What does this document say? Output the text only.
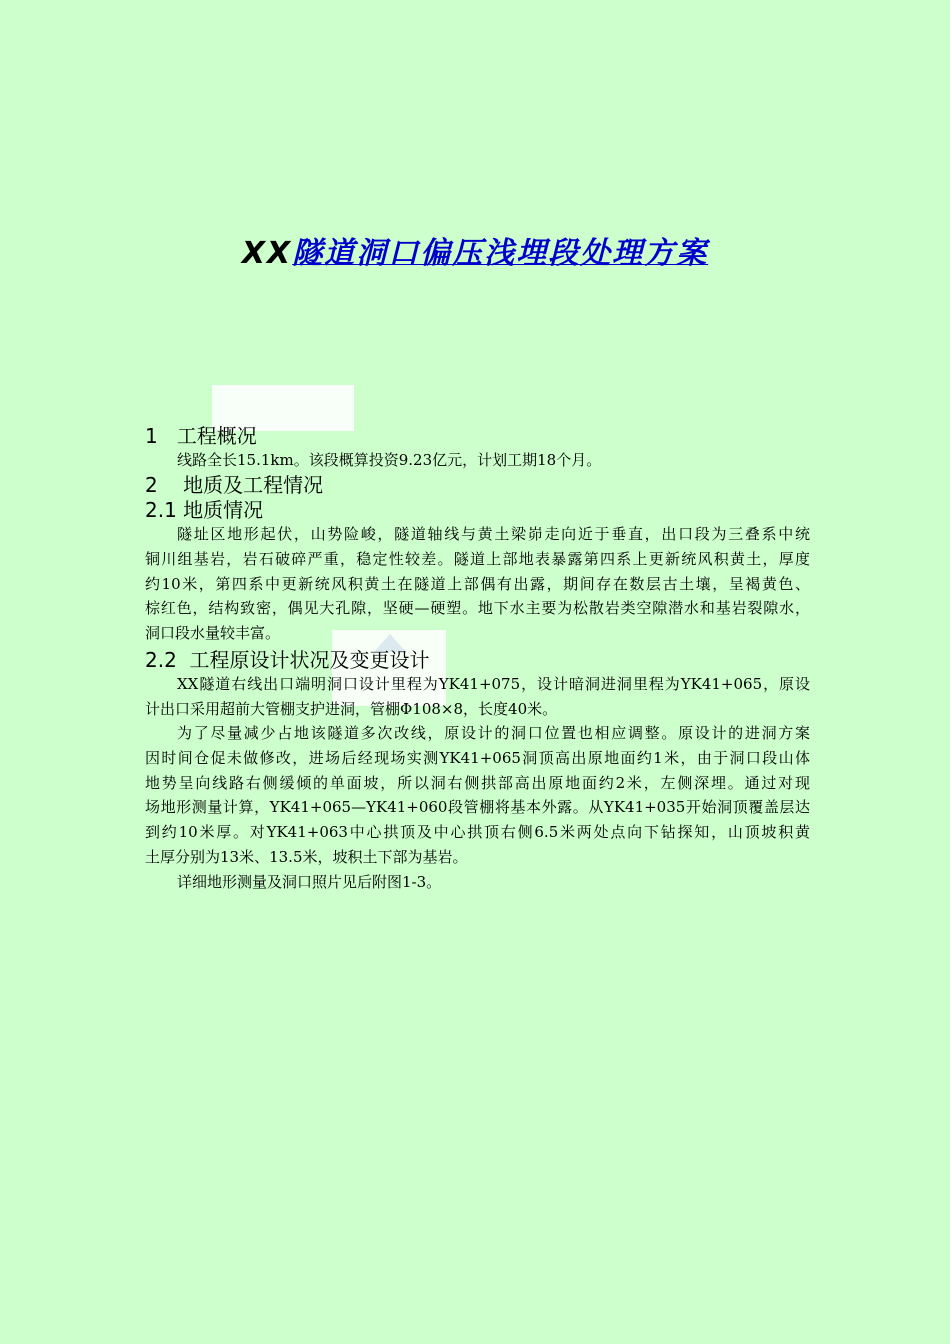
XX隧道洞口偏压浅埋段处理方案
1 工程概况
线路全长15.1km。该段概算投资9.23亿元，计划工期18个月。
2 地质及工程情况
2.1 地质情况
隧址区地形起伏，山势险峻，隧道轴线与黄土梁峁走向近于垂直，出口段为三叠系中统
铜川组基岩，岩石破碎严重，稳定性较差。隧道上部地表暴露第四系上更新统风积黄土，厚度
约10米，第四系中更新统风积黄土在隧道上部偶有出露，期间存在数层古土壤，呈褐黄色、
棕红色，结构致密，偶见大孔隙，坚硬—硬塑。地下水主要为松散岩类空隙潜水和基岩裂隙水，
洞口段水量较丰富。
2.2 工程原设计状况及变更设计
XX隧道右线出口端明洞口设计里程为YK41+075，设计暗洞进洞里程为YK41+065，原设
计出口采用超前大管棚支护进洞，管棚Φ108×8，长度40米。
为了尽量减少占地该隧道多次改线，原设计的洞口位置也相应调整。原设计的进洞方案
因时间仓促未做修改，进场后经现场实测YK41+065洞顶高出原地面约1米，由于洞口段山体
地势呈向线路右侧缓倾的单面坡，所以洞右侧拱部高出原地面约2米，左侧深埋。通过对现
场地形测量计算，YK41+065—YK41+060段管棚将基本外露。从YK41+035开始洞顶覆盖层达
到约10米厚。对YK41+063中心拱顶及中心拱顶右侧6.5米两处点向下钻探知，山顶坡积黄
土厚分别为13米、13.5米，坡积土下部为基岩。
详细地形测量及洞口照片见后附图1-3。
